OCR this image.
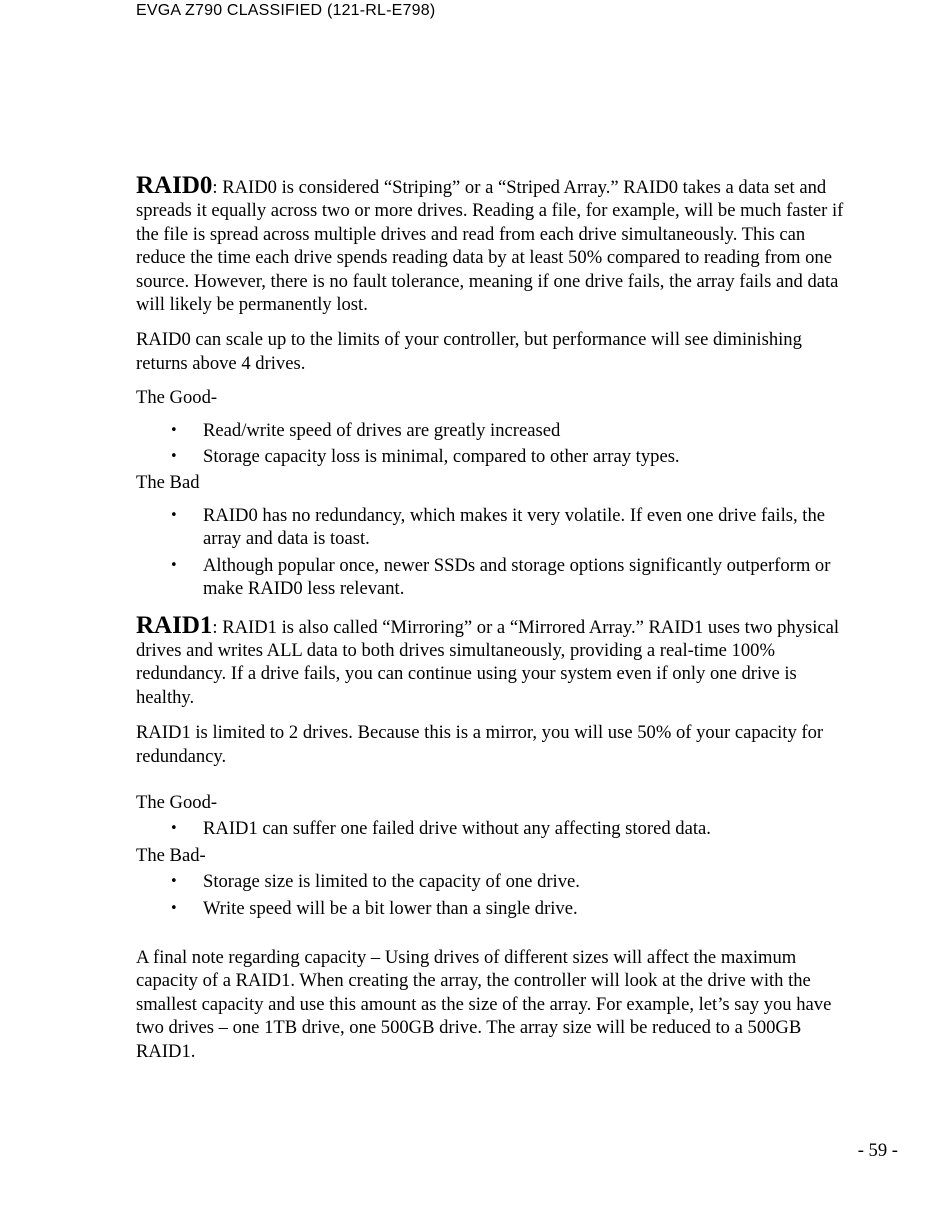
EVGA Z790 CLASSIFIED (121-RL-E798)

RAID0: RAID0 is considered “Striping” or a “Striped Array.” RAID0 takes a data set and spreads it equally across two or more drives. Reading a file, for example, will be much faster if the file is spread across multiple drives and read from each drive simultaneously. This can reduce the time each drive spends reading data by at least 50% compared to reading from one source. However, there is no fault tolerance, meaning if one drive fails, the array fails and data will likely be permanently lost.

RAID0 can scale up to the limits of your controller, but performance will see diminishing returns above 4 drives.

The Good-

• Read/write speed of drives are greatly increased
• Storage capacity loss is minimal, compared to other array types.

The Bad

• RAID0 has no redundancy, which makes it very volatile. If even one drive fails, the array and data is toast.
• Although popular once, newer SSDs and storage options significantly outperform or make RAID0 less relevant.

RAID1: RAID1 is also called “Mirroring” or a “Mirrored Array.” RAID1 uses two physical drives and writes ALL data to both drives simultaneously, providing a real-time 100% redundancy. If a drive fails, you can continue using your system even if only one drive is healthy.

RAID1 is limited to 2 drives. Because this is a mirror, you will use 50% of your capacity for redundancy.

The Good-

• RAID1 can suffer one failed drive without any affecting stored data.

The Bad-

• Storage size is limited to the capacity of one drive.
• Write speed will be a bit lower than a single drive.

A final note regarding capacity – Using drives of different sizes will affect the maximum capacity of a RAID1. When creating the array, the controller will look at the drive with the smallest capacity and use this amount as the size of the array. For example, let’s say you have two drives – one 1TB drive, one 500GB drive. The array size will be reduced to a 500GB RAID1.

- 59 -
